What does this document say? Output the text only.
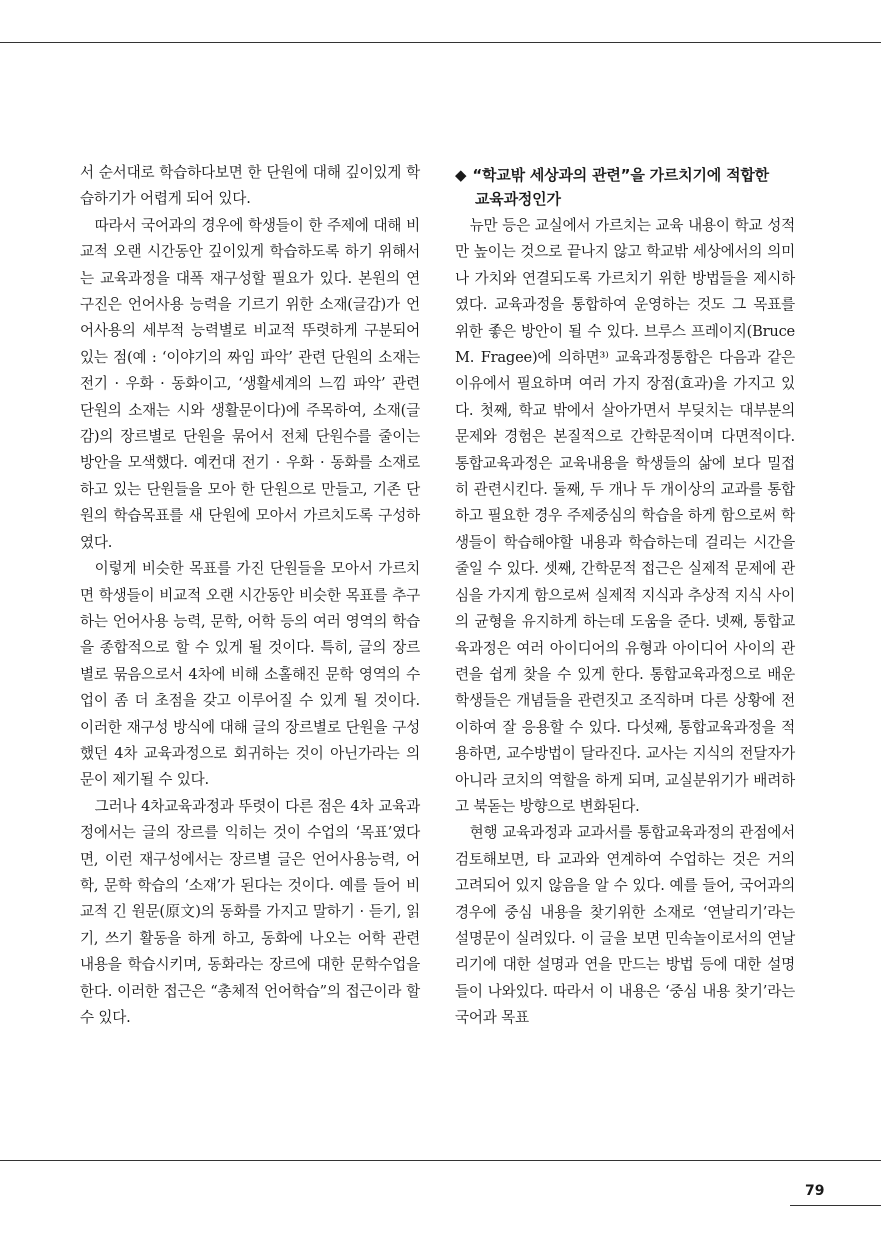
서 순서대로 학습하다보면 한 단원에 대해 깊이있게 학습하기가 어렵게 되어 있다.

따라서 국어과의 경우에 학생들이 한 주제에 대해 비교적 오랜 시간동안 깊이있게 학습하도록 하기 위해서는 교육과정을 대폭 재구성할 필요가 있다. 본원의 연구진은 언어사용 능력을 기르기 위한 소재(글감)가 언어사용의 세부적 능력별로 비교적 뚜렷하게 구분되어 있는 점(예 : ‘이야기의 짜임 파악’ 관련 단원의 소재는 전기 · 우화 · 동화이고, ‘생활세계의 느낌 파악’ 관련 단원의 소재는 시와 생활문이다)에 주목하여, 소재(글감)의 장르별로 단원을 묶어서 전체 단원수를 줄이는 방안을 모색했다. 예컨대 전기 · 우화 · 동화를 소재로 하고 있는 단원들을 모아 한 단원으로 만들고, 기존 단원의 학습목표를 새 단원에 모아서 가르치도록 구성하였다.

이렇게 비슷한 목표를 가진 단원들을 모아서 가르치면 학생들이 비교적 오랜 시간동안 비슷한 목표를 추구하는 언어사용 능력, 문학, 어학 등의 여러 영역의 학습을 종합적으로 할 수 있게 될 것이다. 특히, 글의 장르별로 묶음으로서 4차에 비해 소홀해진 문학 영역의 수업이 좀 더 초점을 갖고 이루어질 수 있게 될 것이다. 이러한 재구성 방식에 대해 글의 장르별로 단원을 구성했던 4차 교육과정으로 회귀하는 것이 아닌가라는 의문이 제기될 수 있다.

그러나 4차교육과정과 뚜렷이 다른 점은 4차 교육과정에서는 글의 장르를 익히는 것이 수업의 ‘목표’였다면, 이런 재구성에서는 장르별 글은 언어사용능력, 어학, 문학 학습의 ‘소재’가 된다는 것이다. 예를 들어 비교적 긴 원문(原文)의 동화를 가지고 말하기 · 듣기, 읽기, 쓰기 활동을 하게 하고, 동화에 나오는 어학 관련 내용을 학습시키며, 동화라는 장르에 대한 문학수업을 한다. 이러한 접근은 “총체적 언어학습”의 접근이라 할 수 있다.

◆ “학교밖 세상과의 관련”을 가르치기에 적합한
교육과정인가

뉴만 등은 교실에서 가르치는 교육 내용이 학교 성적만 높이는 것으로 끝나지 않고 학교밖 세상에서의 의미나 가치와 연결되도록 가르치기 위한 방법들을 제시하였다. 교육과정을 통합하여 운영하는 것도 그 목표를 위한 좋은 방안이 될 수 있다. 브루스 프레이지(Bruce M. Fragee)에 의하면³⁾ 교육과정통합은 다음과 같은 이유에서 필요하며 여러 가지 장점(효과)을 가지고 있다. 첫째, 학교 밖에서 살아가면서 부딪치는 대부분의 문제와 경험은 본질적으로 간학문적이며 다면적이다. 통합교육과정은 교육내용을 학생들의 삶에 보다 밀접히 관련시킨다. 둘째, 두 개나 두 개이상의 교과를 통합하고 필요한 경우 주제중심의 학습을 하게 함으로써 학생들이 학습해야할 내용과 학습하는데 걸리는 시간을 줄일 수 있다. 셋째, 간학문적 접근은 실제적 문제에 관심을 가지게 함으로써 실제적 지식과 추상적 지식 사이의 균형을 유지하게 하는데 도움을 준다. 넷째, 통합교육과정은 여러 아이디어의 유형과 아이디어 사이의 관련을 쉽게 찾을 수 있게 한다. 통합교육과정으로 배운 학생들은 개념들을 관련짓고 조직하며 다른 상황에 전이하여 잘 응용할 수 있다. 다섯째, 통합교육과정을 적용하면, 교수방법이 달라진다. 교사는 지식의 전달자가 아니라 코치의 역할을 하게 되며, 교실분위기가 배려하고 북돋는 방향으로 변화된다.

현행 교육과정과 교과서를 통합교육과정의 관점에서 검토해보면, 타 교과와 연계하여 수업하는 것은 거의 고려되어 있지 않음을 알 수 있다. 예를 들어, 국어과의 경우에 중심 내용을 찾기위한 소재로 ‘연날리기’라는 설명문이 실려있다. 이 글을 보면 민속놀이로서의 연날리기에 대한 설명과 연을 만드는 방법 등에 대한 설명들이 나와있다. 따라서 이 내용은 ‘중심 내용 찾기’라는 국어과 목표

79
